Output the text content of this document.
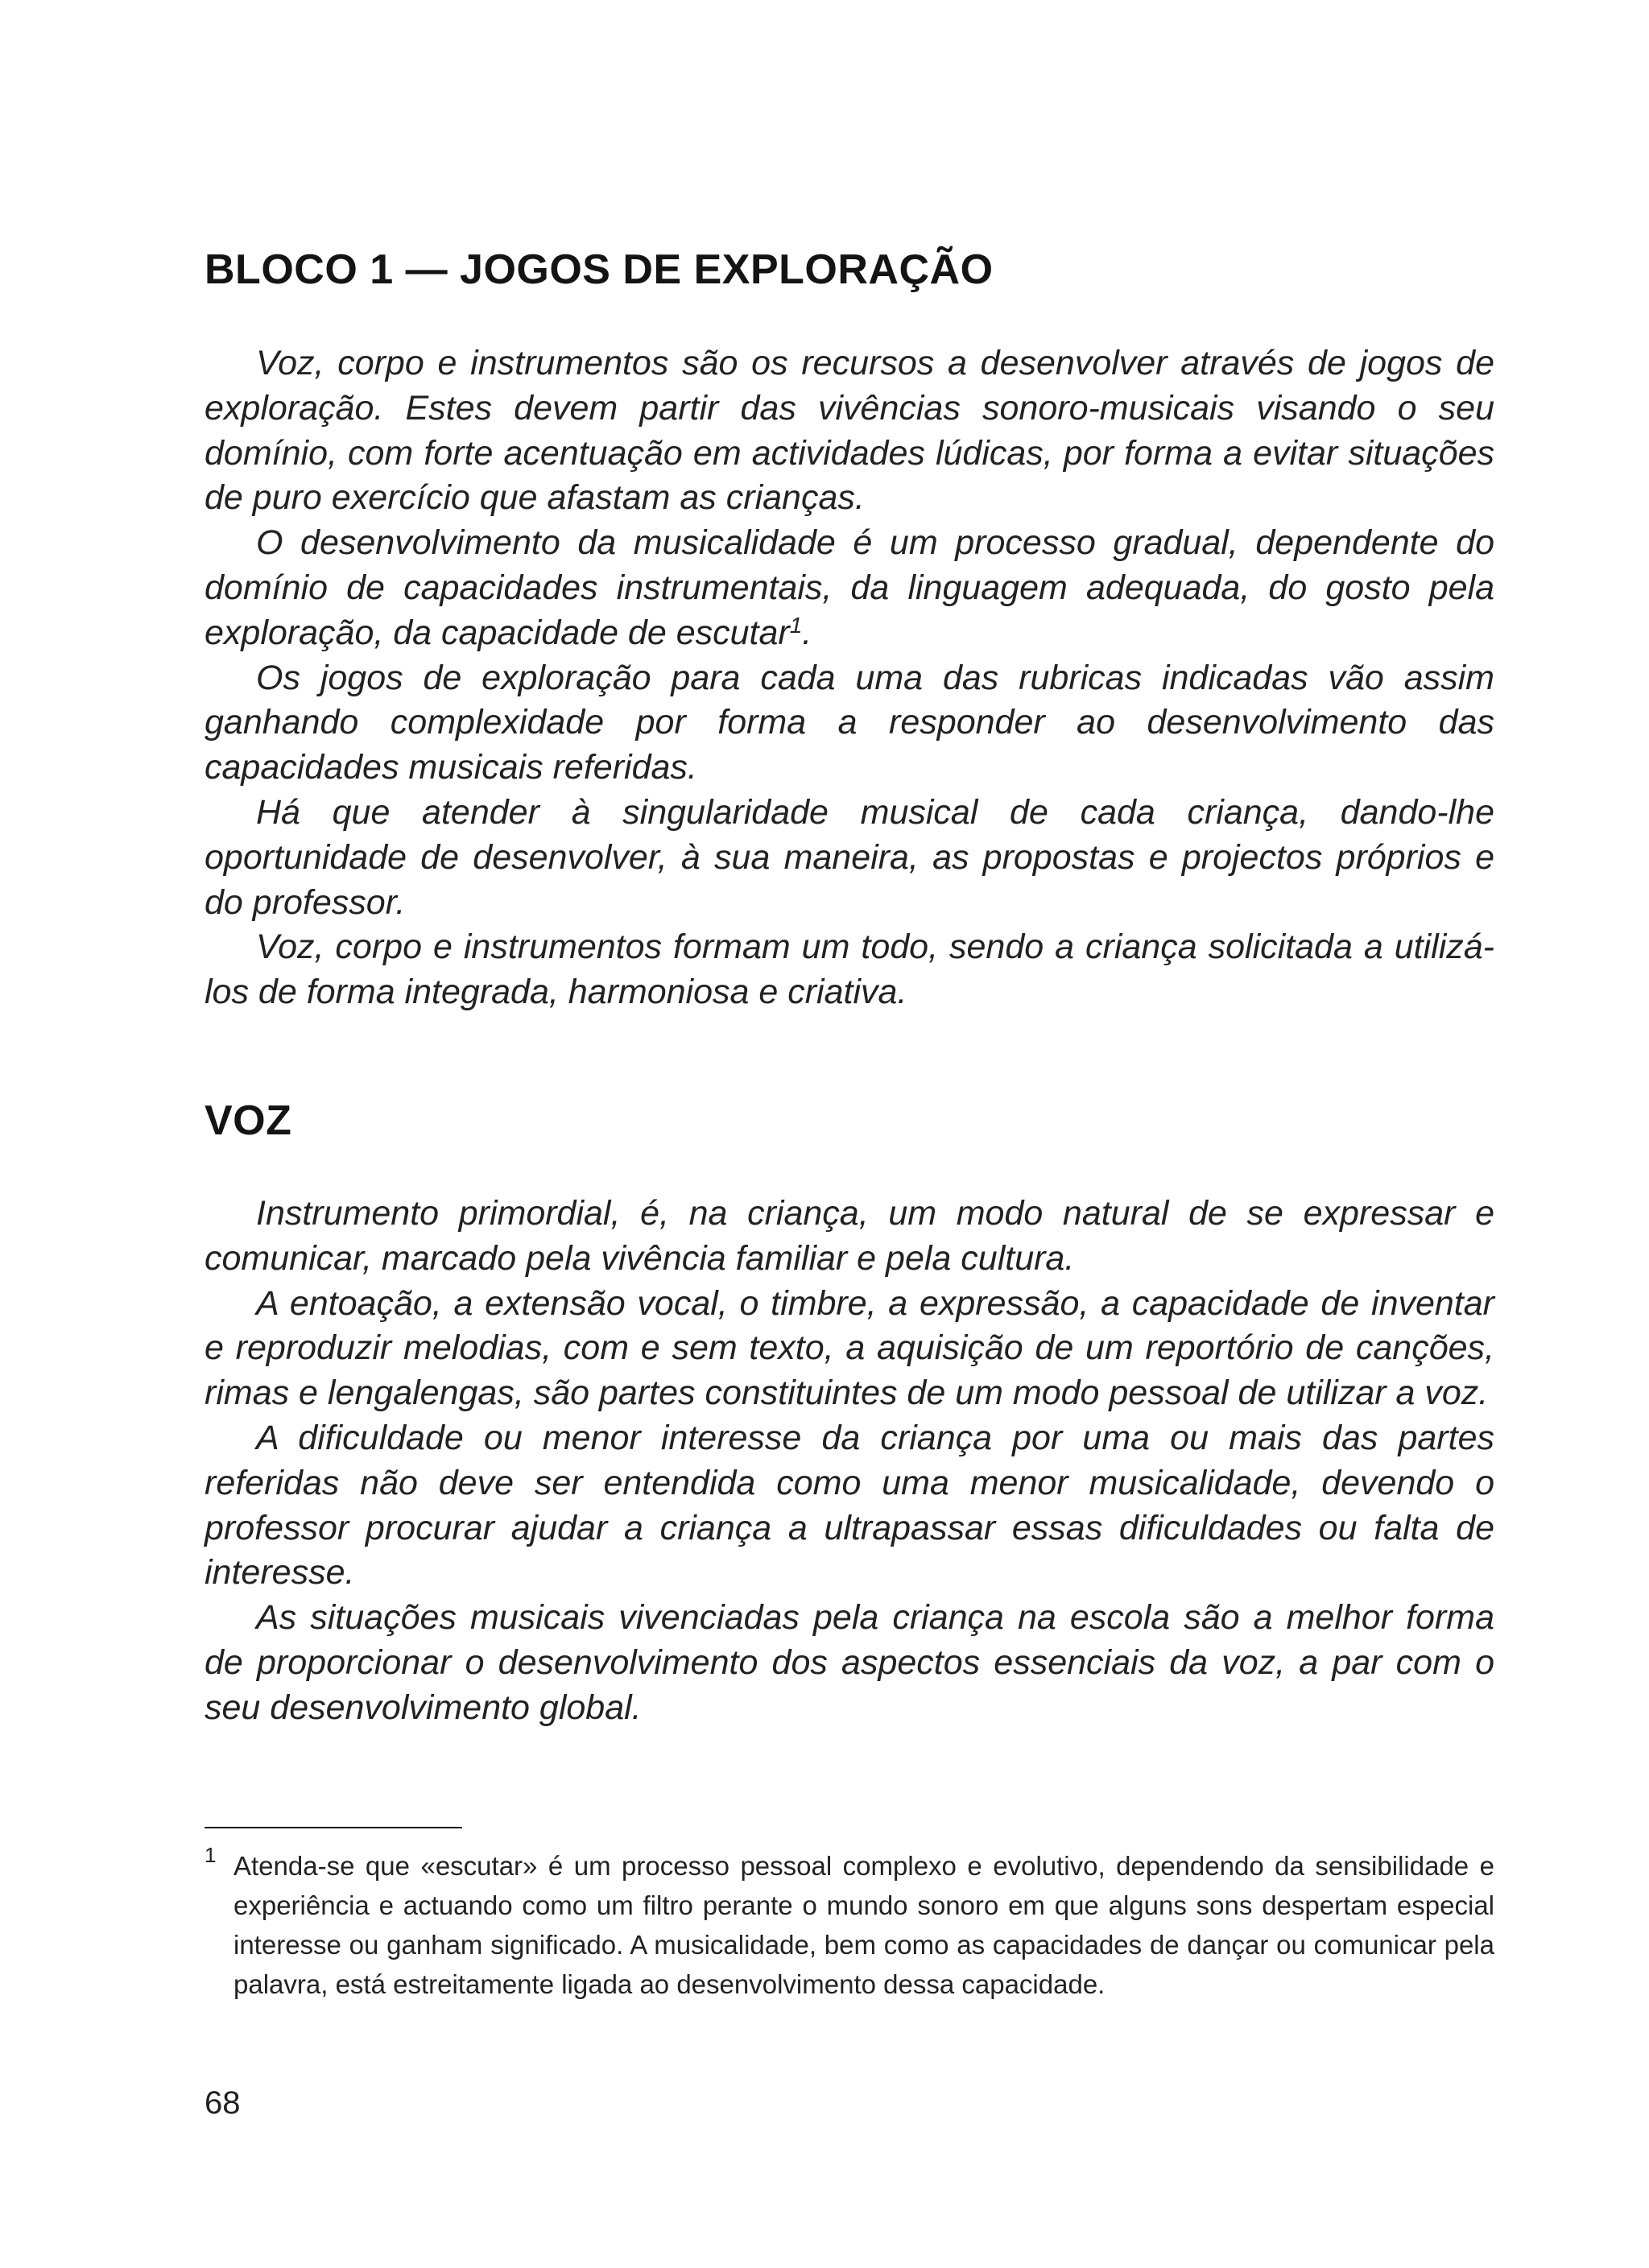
BLOCO 1 — JOGOS DE EXPLORAÇÃO

Voz, corpo e instrumentos são os recursos a desenvolver através de jogos de exploração. Estes devem partir das vivências sonoro-musicais visando o seu domínio, com forte acentuação em actividades lúdicas, por forma a evitar situações de puro exercício que afastam as crianças.

O desenvolvimento da musicalidade é um processo gradual, dependente do domínio de capacidades instrumentais, da linguagem adequada, do gosto pela exploração, da capacidade de escutar$^1$.

Os jogos de exploração para cada uma das rubricas indicadas vão assim ganhando complexidade por forma a responder ao desenvolvimento das capacidades musicais referidas.

Há que atender à singularidade musical de cada criança, dando-lhe oportunidade de desenvolver, à sua maneira, as propostas e projectos próprios e do professor.

Voz, corpo e instrumentos formam um todo, sendo a criança solicitada a utilizá-los de forma integrada, harmoniosa e criativa.

VOZ

Instrumento primordial, é, na criança, um modo natural de se expressar e comunicar, marcado pela vivência familiar e pela cultura.

A entoação, a extensão vocal, o timbre, a expressão, a capacidade de inventar e reproduzir melodias, com e sem texto, a aquisição de um reportório de canções, rimas e lengalengas, são partes constituintes de um modo pessoal de utilizar a voz.

A dificuldade ou menor interesse da criança por uma ou mais das partes referidas não deve ser entendida como uma menor musicalidade, devendo o professor procurar ajudar a criança a ultrapassar essas dificuldades ou falta de interesse.

As situações musicais vivenciadas pela criança na escola são a melhor forma de proporcionar o desenvolvimento dos aspectos essenciais da voz, a par com o seu desenvolvimento global.

1 Atenda-se que «escutar» é um processo pessoal complexo e evolutivo, dependendo da sensibilidade e experiência e actuando como um filtro perante o mundo sonoro em que alguns sons despertam especial interesse ou ganham significado. A musicalidade, bem como as capacidades de dançar ou comunicar pela palavra, está estreitamente ligada ao desenvolvimento dessa capacidade.
68
